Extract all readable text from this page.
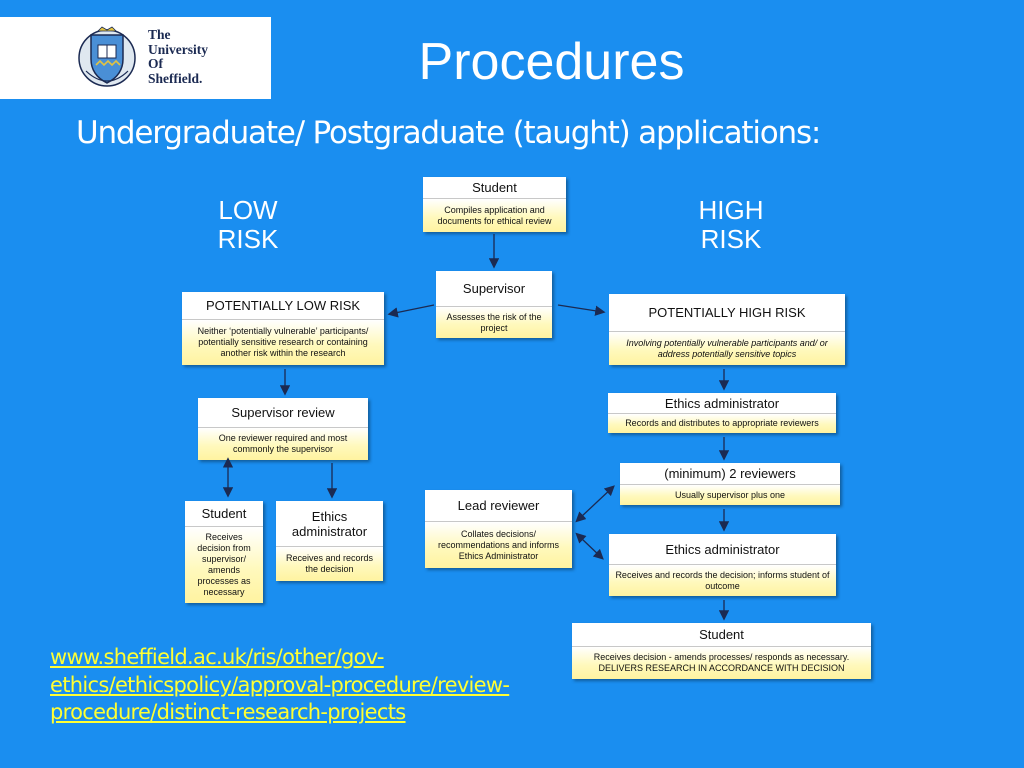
The
University
Of
Sheffield.	Procedures
Undergraduate/ Postgraduate (taught) applications:
LOW
RISK
HIGH
RISK
Student
Compiles application and documents for ethical review
Supervisor
Assesses the risk of the project
POTENTIALLY LOW RISK
Neither ‘potentially vulnerable’ participants/ potentially sensitive research or containing another risk within the research
POTENTIALLY HIGH RISK
Involving potentially vulnerable participants and/ or address potentially sensitive topics
Supervisor review
One reviewer required and most commonly the supervisor
Student
Receives decision from supervisor/ amends processes as necessary
Ethics administrator
Receives and records the decision
Ethics administrator
Records and distributes to appropriate reviewers
(minimum) 2 reviewers
Usually supervisor plus one
Lead reviewer
Collates decisions/ recommendations and informs Ethics Administrator	Ethics administrator
Receives and records the decision; informs student of outcome
Student
Receives decision - amends processes/ responds as necessary.
DELIVERS RESEARCH IN ACCORDANCE WITH DECISION
www.sheffield.ac.uk/ris/other/gov-ethics/ethicspolicy/approval-procedure/review-procedure/distinct-research-projects
